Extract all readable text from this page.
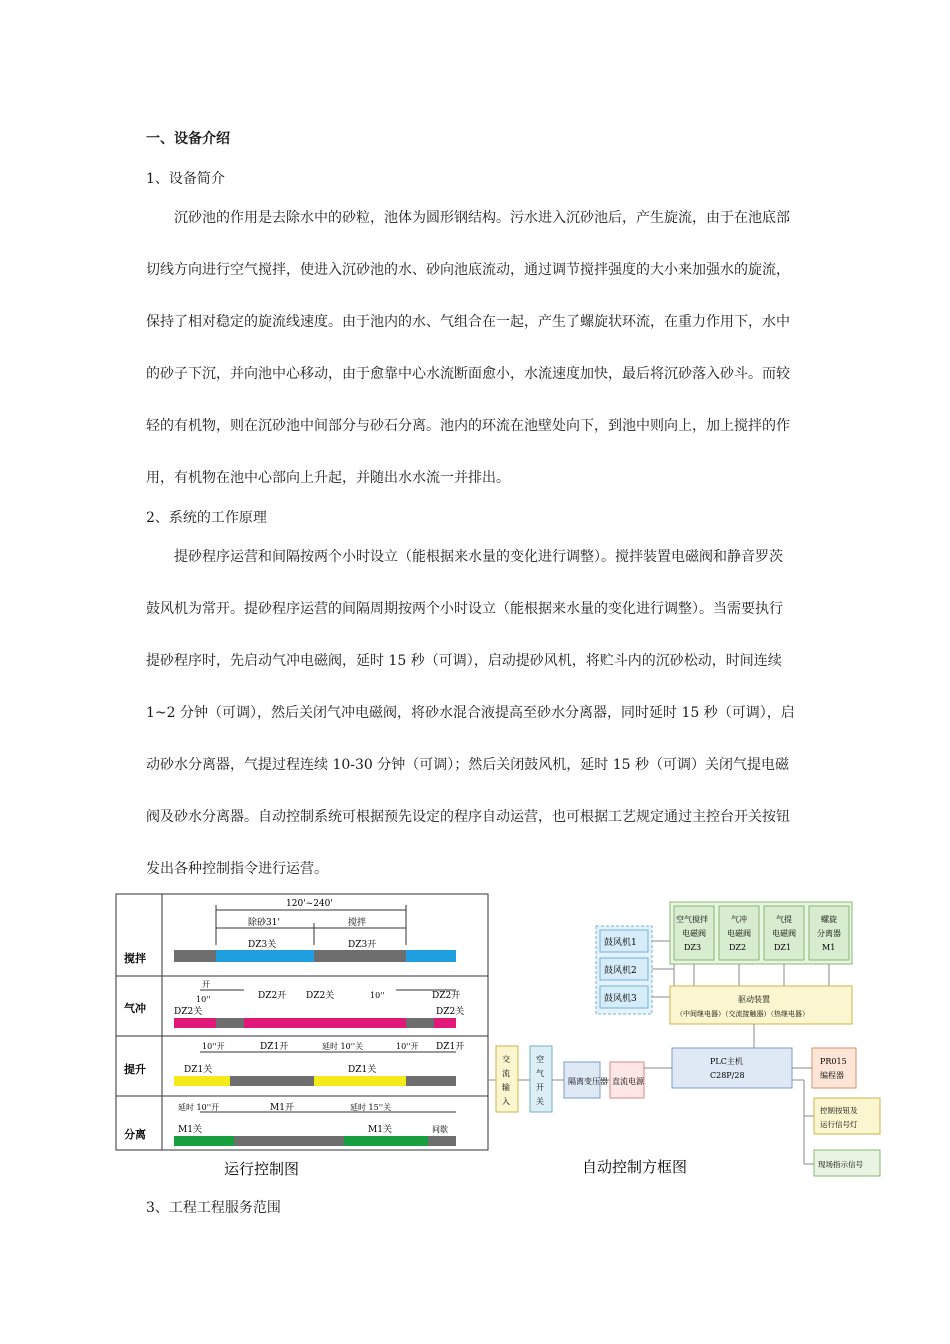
一、设备介绍
1、设备简介
沉砂池的作用是去除水中的砂粒，池体为圆形钢结构。污水进入沉砂池后，产生旋流，由于在池底部
切线方向进行空气搅拌，使进入沉砂池的水、砂向池底流动，通过调节搅拌强度的大小来加强水的旋流，
保持了相对稳定的旋流线速度。由于池内的水、气组合在一起，产生了螺旋状环流，在重力作用下，水中
的砂子下沉，并向池中心移动，由于愈靠中心水流断面愈小，水流速度加快，最后将沉砂落入砂斗。而较
轻的有机物，则在沉砂池中间部分与砂石分离。池内的环流在池壁处向下，到池中则向上，加上搅拌的作
用，有机物在池中心部向上升起，并随出水水流一并排出。
2、系统的工作原理
提砂程序运营和间隔按两个小时设立（能根据来水量的变化进行调整）。搅拌装置电磁阀和静音罗茨
鼓风机为常开。提砂程序运营的间隔周期按两个小时设立（能根据来水量的变化进行调整）。当需要执行
提砂程序时，先启动气冲电磁阀，延时 15 秒（可调），启动提砂风机，将贮斗内的沉砂松动，时间连续
1~2 分钟（可调），然后关闭气冲电磁阀，将砂水混合液提高至砂水分离器，同时延时 15 秒（可调），启
动砂水分离器，气提过程连续 10-30 分钟（可调）；然后关闭鼓风机，延时 15 秒（可调）关闭气提电磁
阀及砂水分离器。自动控制系统可根据预先设定的程序自动运营，也可根据工艺规定通过主控台开关按钮
发出各种控制指令进行运营。
搅拌
气冲
提升
分离
120'~240'
除砂31'	搅拌
DZ3关	DZ3开
开
10''	DZ2开 DZ2关	10''	DZ2开
DZ2关	DZ2关
10''开	DZ1开	延时 10''关	10''开 DZ1开
DZ1关	DZ1关
延时 10''开	M1开	延时 15''关
M1关	M1关	间歇
运行控制图
鼓风机1
鼓风机2
鼓风机3
空气搅拌
电磁阀
DZ3
气冲
电磁阀
DZ2
气提
电磁阀
DZ1
螺旋
分离器
M1
驱动装置
（中间继电器）（交流接触器）（热继电器）
PLC主机
C28P/28
PR015
编程器
控制按钮及
运行信号灯
现场指示信号
交
流
输
入
空
气
开
关
隔离变压器 直流电源
自动控制方框图
3、工程工程服务范围
